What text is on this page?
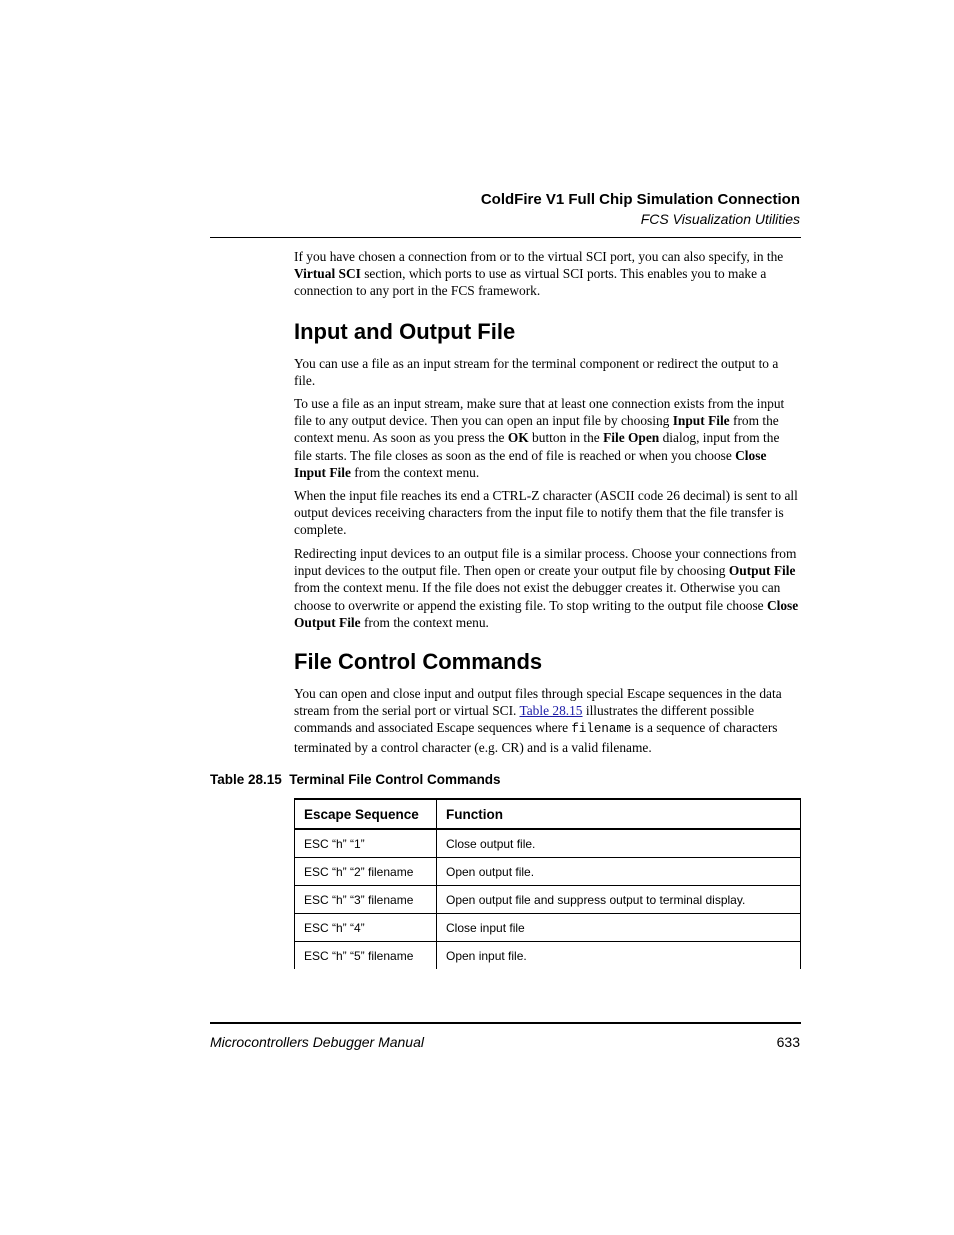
ColdFire V1 Full Chip Simulation Connection
FCS Visualization Utilities

If you have chosen a connection from or to the virtual SCI port, you can also specify, in the Virtual SCI section, which ports to use as virtual SCI ports. This enables you to make a connection to any port in the FCS framework.

Input and Output File

You can use a file as an input stream for the terminal component or redirect the output to a file.

To use a file as an input stream, make sure that at least one connection exists from the input file to any output device. Then you can open an input file by choosing Input File from the context menu. As soon as you press the OK button in the File Open dialog, input from the file starts. The file closes as soon as the end of file is reached or when you choose Close Input File from the context menu.

When the input file reaches its end a CTRL-Z character (ASCII code 26 decimal) is sent to all output devices receiving characters from the input file to notify them that the file transfer is complete.

Redirecting input devices to an output file is a similar process. Choose your connections from input devices to the output file. Then open or create your output file by choosing Output File from the context menu. If the file does not exist the debugger creates it. Otherwise you can choose to overwrite or append the existing file. To stop writing to the output file choose Close Output File from the context menu.

File Control Commands

You can open and close input and output files through special Escape sequences in the data stream from the serial port or virtual SCI. Table 28.15 illustrates the different possible commands and associated Escape sequences where filename is a sequence of characters terminated by a control character (e.g. CR) and is a valid filename.

Table 28.15  Terminal File Control Commands
Escape Sequence	Function
ESC “h” “1”	Close output file.
ESC “h” “2” filename	Open output file.
ESC “h” “3” filename	Open output file and suppress output to terminal display.
ESC “h” “4”	Close input file
ESC “h” “5” filename	Open input file.
Microcontrollers Debugger Manual	633
